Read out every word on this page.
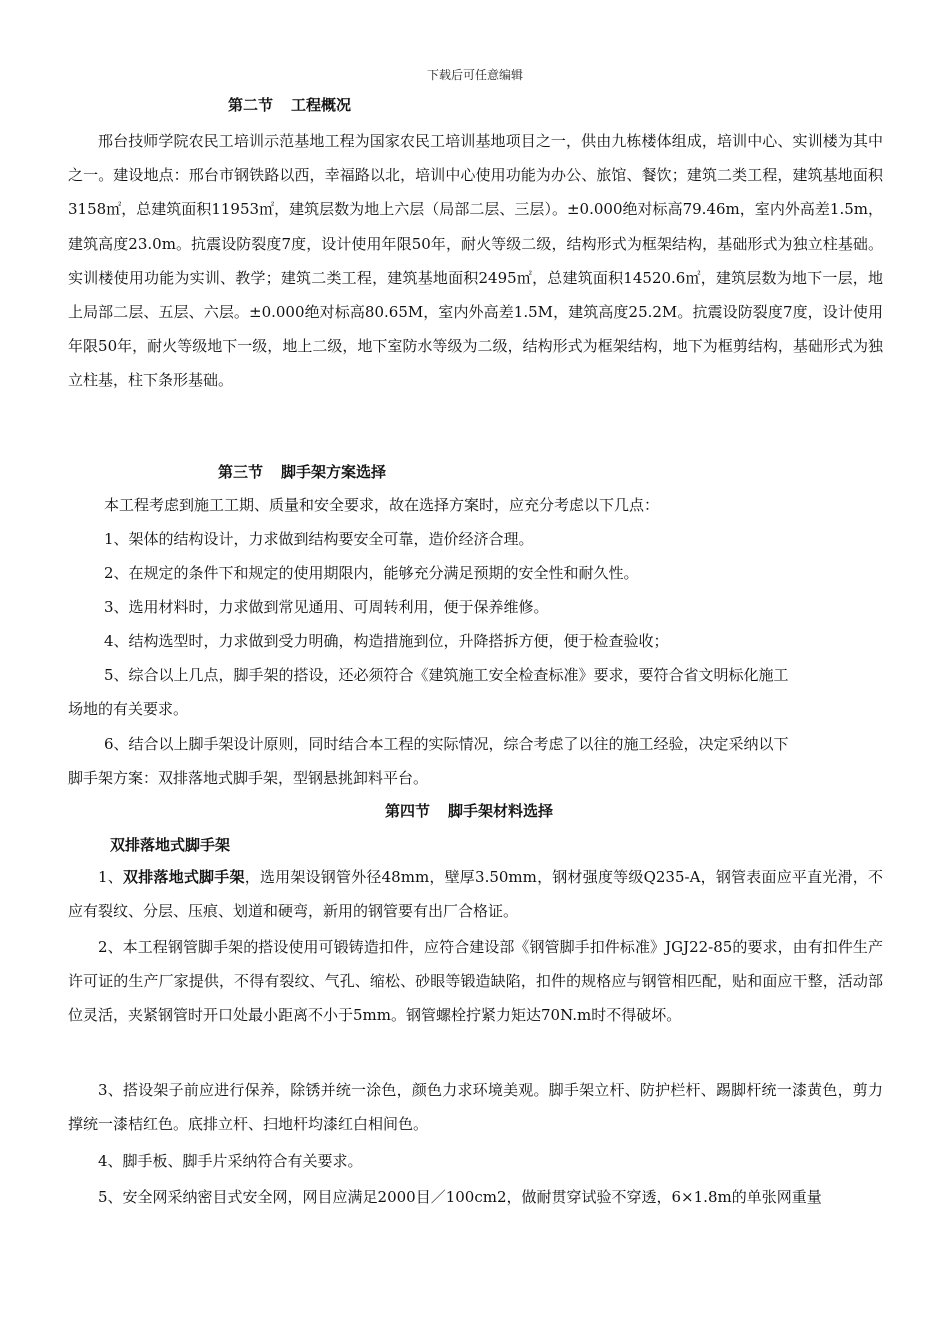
下载后可任意编辑
第二节 工程概况
邢台技师学院农民工培训示范基地工程为国家农民工培训基地项目之一，供由九栋楼体组成，培训中心、实训楼为其中之一。建设地点：邢台市钢铁路以西，幸福路以北，培训中心使用功能为办公、旅馆、餐饮；建筑二类工程，建筑基地面积3158㎡，总建筑面积11953㎡，建筑层数为地上六层（局部二层、三层）。±0.000绝对标高79.46m，室内外高差1.5m，建筑高度23.0m。抗震设防裂度7度，设计使用年限50年，耐火等级二级，结构形式为框架结构，基础形式为独立柱基础。 实训楼使用功能为实训、教学；建筑二类工程，建筑基地面积2495㎡，总建筑面积14520.6㎡，建筑层数为地下一层，地上局部二层、五层、六层。±0.000绝对标高80.65M，室内外高差1.5M，建筑高度25.2M。抗震设防裂度7度，设计使用年限50年，耐火等级地下一级，地上二级，地下室防水等级为二级，结构形式为框架结构，地下为框剪结构，基础形式为独立柱基，柱下条形基础。
第三节 脚手架方案选择
本工程考虑到施工工期、质量和安全要求，故在选择方案时，应充分考虑以下几点：
1、架体的结构设计，力求做到结构要安全可靠，造价经济合理。
2、在规定的条件下和规定的使用期限内，能够充分满足预期的安全性和耐久性。
3、选用材料时，力求做到常见通用、可周转利用，便于保养维修。
4、结构选型时，力求做到受力明确，构造措施到位，升降搭拆方便，便于检查验收；
5、综合以上几点，脚手架的搭设，还必须符合《建筑施工安全检查标准》要求，要符合省文明标化施工
场地的有关要求。
6、结合以上脚手架设计原则，同时结合本工程的实际情况，综合考虑了以往的施工经验，决定采纳以下
脚手架方案：双排落地式脚手架，型钢悬挑卸料平台。
第四节 脚手架材料选择
双排落地式脚手架
1、双排落地式脚手架，选用架设钢管外径48mm，壁厚3.50mm，钢材强度等级Q235-A，钢管表面应平直光滑，不应有裂纹、分层、压痕、划道和硬弯，新用的钢管要有出厂合格证。
2、本工程钢管脚手架的搭设使用可锻铸造扣件，应符合建设部《钢管脚手扣件标准》JGJ22-85的要求，由有扣件生产许可证的生产厂家提供，不得有裂纹、气孔、缩松、砂眼等锻造缺陷，扣件的规格应与钢管相匹配，贴和面应干整，活动部位灵活，夹紧钢管时开口处最小距离不小于5mm。钢管螺栓拧紧力矩达70N.m时不得破坏。
3、搭设架子前应进行保养，除锈并统一涂色，颜色力求环境美观。脚手架立杆、防护栏杆、踢脚杆统一漆黄色，剪力撑统一漆桔红色。底排立杆、扫地杆均漆红白相间色。
4、脚手板、脚手片采纳符合有关要求。
5、安全网采纳密目式安全网，网目应满足2000目／100cm2，做耐贯穿试验不穿透，6×1.8m的单张网重量
